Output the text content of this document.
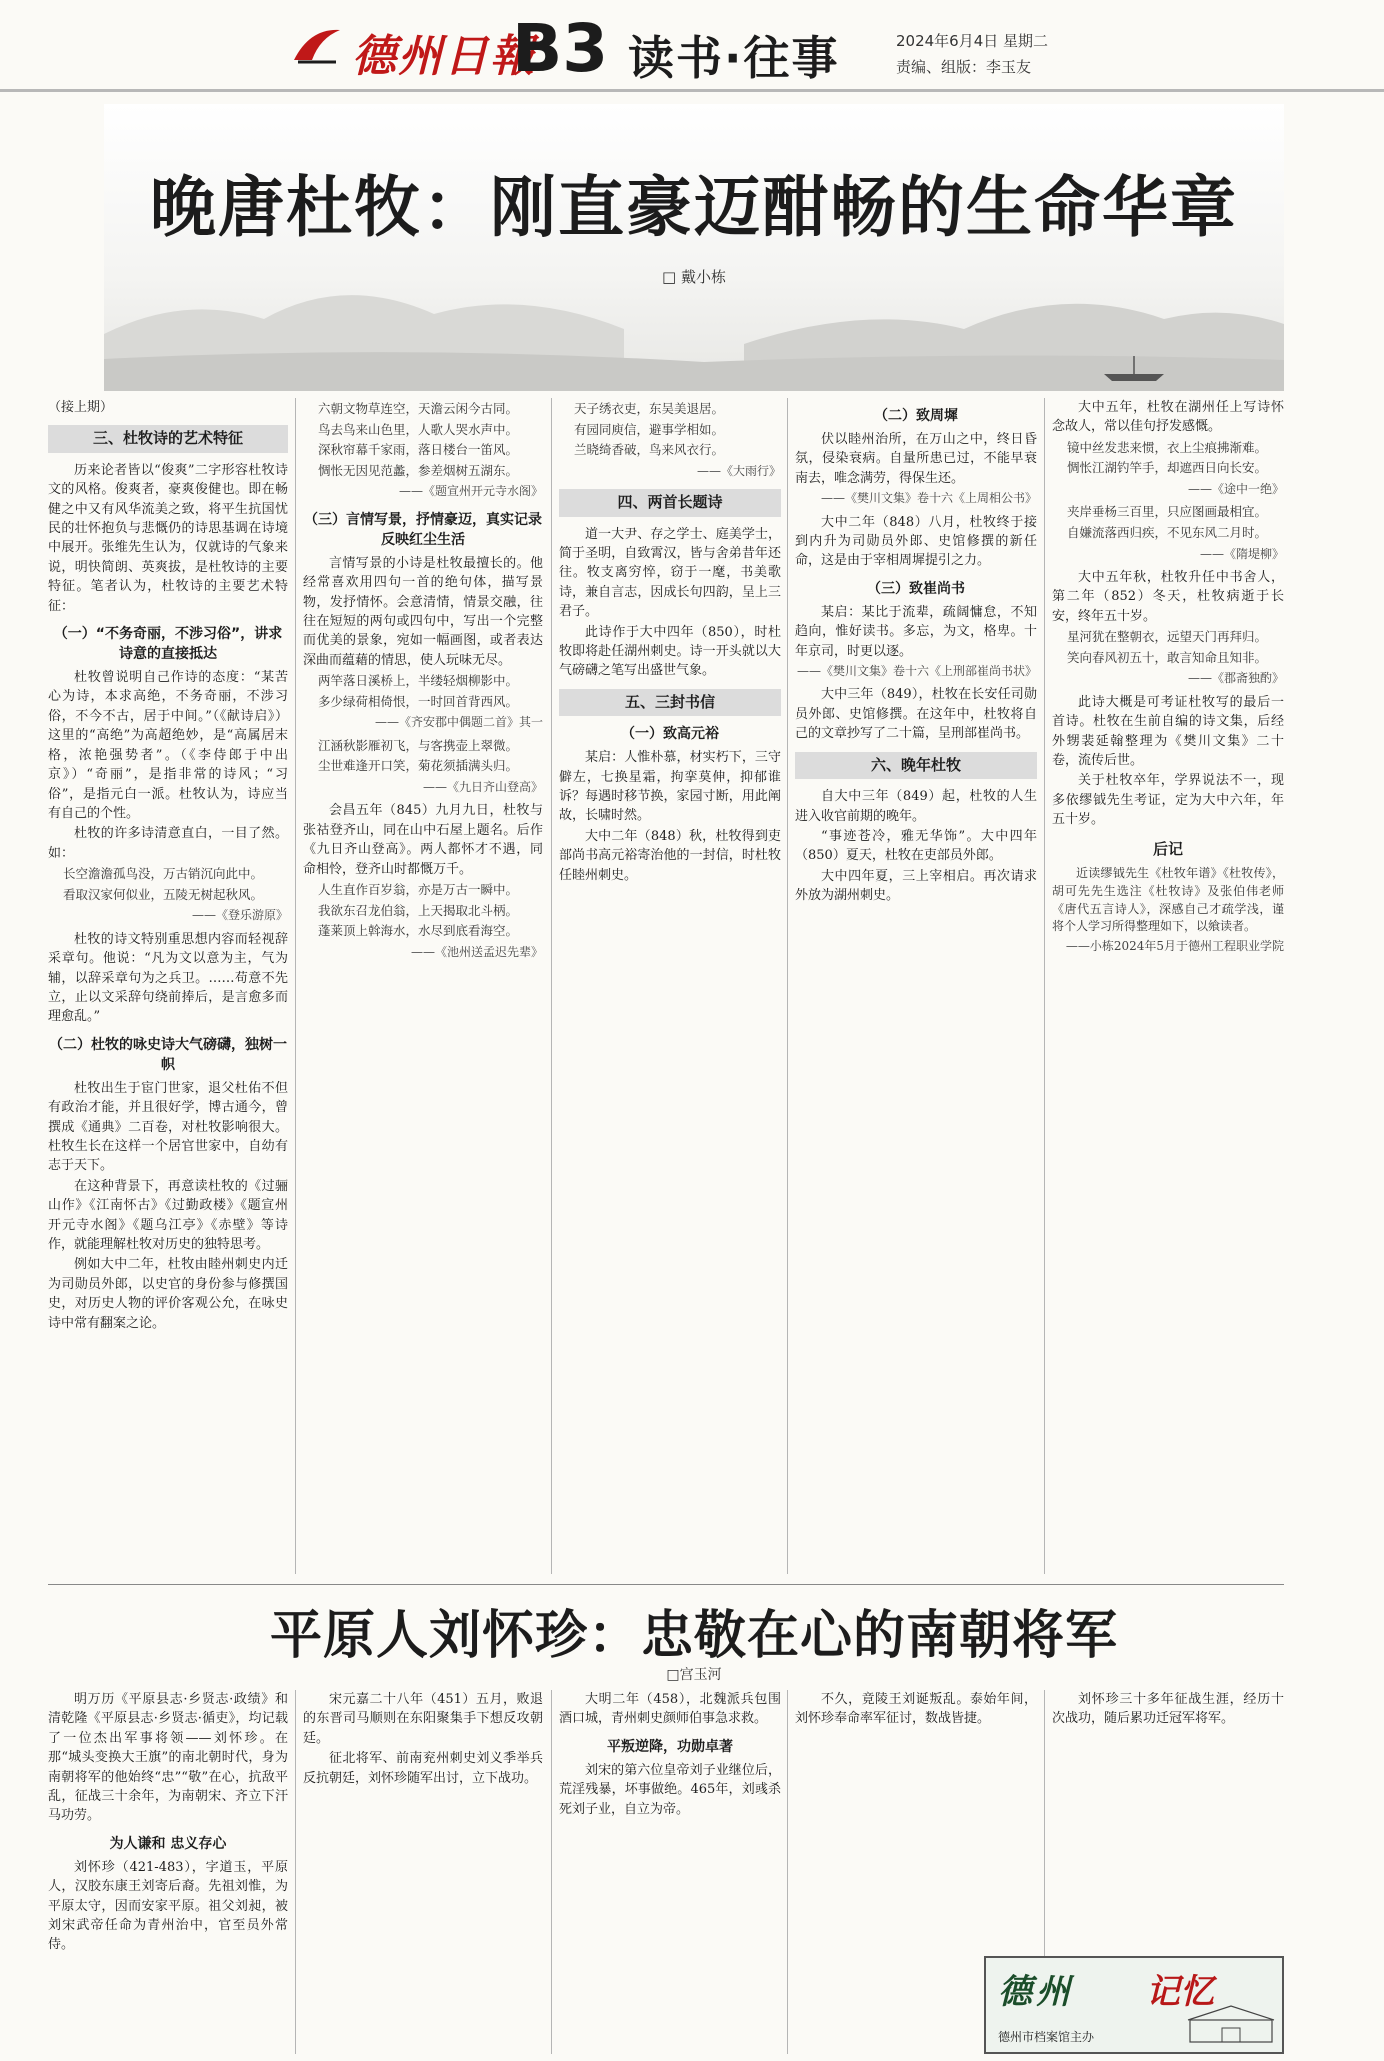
德州日報
B3 读书·往事	2024年6月4日 星期二
责编、组版：李玉友
晚唐杜牧：刚直豪迈酣畅的生命华章
□ 戴小栋

（接上期）

三、杜牧诗的艺术特征

历来论者皆以“俊爽”二字形容杜牧诗文的风格。俊爽者，豪爽俊健也。即在畅健之中又有风华流美之致，将平生抗国忧民的壮怀抱负与悲慨仍的诗思基调在诗境中展开。张维先生认为，仅就诗的气象来说，明快简朗、英爽拔，是杜牧诗的主要特征。笔者认为，杜牧诗的主要艺术特征：

（一）“不务奇丽，不涉习俗”，讲求诗意的直接抵达

杜牧曾说明自己作诗的态度：“某苦心为诗，本求高绝，不务奇丽，不涉习俗，不今不古，居于中间。”（《献诗启》）这里的“高绝”为高超绝妙，是“高属居末格，浓艳强势者”。（《李侍郎于中出京》）“奇丽”，是指非常的诗风；“习俗”，是指元白一派。杜牧认为，诗应当有自己的个性。

杜牧的许多诗清意直白，一目了然。如：

长空澹澹孤鸟没，万古销沉向此中。

看取汉家何似业，五陵无树起秋风。

——《登乐游原》

杜牧的诗文特别重思想内容而轻视辞采章句。他说：“凡为文以意为主，气为辅，以辞采章句为之兵卫。……苟意不先立，止以文采辞句绕前捧后，是言愈多而理愈乱。”

（二）杜牧的咏史诗大气磅礴，独树一帜

杜牧出生于宦门世家，退父杜佑不但有政治才能，并且很好学，博古通今，曾撰成《通典》二百卷，对杜牧影响很大。杜牧生长在这样一个居官世家中，自幼有志于天下。

在这种背景下，再意读杜牧的《过骊山作》《江南怀古》《过勤政楼》《题宣州开元寺水阁》《题乌江亭》《赤壁》等诗作，就能理解杜牧对历史的独特思考。

例如大中二年，杜牧由睦州刺史内迁为司勋员外郎，以史官的身份参与修撰国史，对历史人物的评价客观公允，在咏史诗中常有翻案之论。

六朝文物草连空，天澹云闲今古同。

鸟去鸟来山色里，人歌人哭水声中。

深秋帘幕千家雨，落日楼台一笛风。

惆怅无因见范蠡，参差烟树五湖东。

——《题宣州开元寺水阁》

（三）言情写景，抒情豪迈，真实记录反映红尘生活

言情写景的小诗是杜牧最擅长的。他经常喜欢用四句一首的绝句体，描写景物，发抒情怀。会意清情，情景交融，往往在短短的两句或四句中，写出一个完整而优美的景象，宛如一幅画图，或者表达深曲而蕴藉的情思，使人玩味无尽。

两竿落日溪桥上，半缕轻烟柳影中。

多少绿荷相倚恨，一时回首背西风。

——《齐安郡中偶题二首》其一

江涵秋影雁初飞，与客携壶上翠微。

尘世难逢开口笑，菊花须插满头归。

——《九日齐山登高》

会昌五年（845）九月九日，杜牧与张祜登齐山，同在山中石屋上题名。后作《九日齐山登高》。两人都怀才不遇，同命相怜，登齐山时都慨万千。

人生直作百岁翁，亦是万古一瞬中。

我欲东召龙伯翁，上天揭取北斗柄。

蓬莱顶上斡海水，水尽到底看海空。

——《池州送孟迟先辈》

天子绣衣吏，东吴美退居。

有园同庾信，避事学相如。

兰晓绮香破，鸟来风衣行。

——《大雨行》

四、两首长题诗

道一大尹、存之学士、庭美学士，简于圣明，自致霄汉，皆与舍弟昔年还往。牧支离穷悴，窃于一麾，书美歌诗，兼自言志，因成长句四韵，呈上三君子。

此诗作于大中四年（850），时杜牧即将赴任湖州刺史。诗一开头就以大气磅礴之笔写出盛世气象。

五、三封书信
（一）致高元裕

某启：人惟朴慕，材实朽下，三守僻左，七换星霜，拘挛莫伸，抑郁谁诉？每遇时移节换，家园寸断，用此阐故，长啸时然。

大中二年（848）秋，杜牧得到吏部尚书高元裕寄治他的一封信，时杜牧任睦州刺史。

（二）致周墀

伏以睦州治所，在万山之中，终日昏氛，侵染衰病。自量所患已过，不能早衰南去，唯念满劳，得保生还。

——《樊川文集》卷十六《上周相公书》

大中二年（848）八月，杜牧终于接到内升为司勋员外郎、史馆修撰的新任命，这是由于宰相周墀提引之力。

（三）致崔尚书

某启：某比于流辈，疏阔慵怠，不知趋向，惟好读书。多忘，为文，格卑。十年京司，时更以逐。

——《樊川文集》卷十六《上刑部崔尚书状》

大中三年（849），杜牧在长安任司勋员外郎、史馆修撰。在这年中，杜牧将自己的文章抄写了二十篇，呈刑部崔尚书。

六、晚年杜牧

自大中三年（849）起，杜牧的人生进入收官前期的晚年。

“事迹苍冷，雅无华饰”。大中四年（850）夏天，杜牧在吏部员外郎。

大中四年夏，三上宰相启。再次请求外放为湖州刺史。

大中五年，杜牧在湖州任上写诗怀念故人，常以佳句抒发感慨。

镜中丝发悲来惯，衣上尘痕拂渐难。

惆怅江湖钓竿手，却遮西日向长安。

——《途中一绝》

夹岸垂杨三百里，只应图画最相宜。

自嫌流落西归疾，不见东风二月时。

——《隋堤柳》

大中五年秋，杜牧升任中书舍人，第二年（852）冬天，杜牧病逝于长安，终年五十岁。

星河犹在整朝衣，远望天门再拜归。

笑向春风初五十，敢言知命且知非。

——《郡斋独酌》

此诗大概是可考证杜牧写的最后一首诗。杜牧在生前自编的诗文集，后经外甥裴延翰整理为《樊川文集》二十卷，流传后世。

关于杜牧卒年，学界说法不一，现多依缪钺先生考证，定为大中六年，年五十岁。

后记

近读缪钺先生《杜牧年谱》《杜牧传》，胡可先先生选注《杜牧诗》及张伯伟老师《唐代五言诗人》，深感自己才疏学浅，谨将个人学习所得整理如下，以飨读者。

——小栋2024年5月于德州工程职业学院

平原人刘怀珍：忠敬在心的南朝将军
□宫玉河

明万历《平原县志·乡贤志·政绩》和清乾隆《平原县志·乡贤志·循吏》，均记载了一位杰出军事将领——刘怀珍。在那“城头变换大王旗”的南北朝时代，身为南朝将军的他始终“忠”“敬”在心，抗敌平乱，征战三十余年，为南朝宋、齐立下汗马功劳。

为人谦和 忠义存心

刘怀珍（421-483），字道玉，平原人，汉胶东康王刘寄后裔。先祖刘惟，为平原太守，因而安家平原。祖父刘昶，被刘宋武帝任命为青州治中，官至员外常侍。

宋元嘉二十八年（451）五月，败退的东晋司马顺则在东阳聚集手下想反攻朝廷。

征北将军、前南兖州刺史刘义季举兵反抗朝廷，刘怀珍随军出讨，立下战功。

大明二年（458），北魏派兵包围酒口城，青州刺史颜师伯事急求救。

平叛逆降，功勋卓著

刘宋的第六位皇帝刘子业继位后，荒淫残暴，坏事做绝。465年，刘彧杀死刘子业，自立为帝。

不久，竟陵王刘诞叛乱。泰始年间，刘怀珍奉命率军征讨，数战皆捷。

刘怀珍三十多年征战生涯，经历十次战功，随后累功迁冠军将军。

德州 记忆
德州市档案馆主办
